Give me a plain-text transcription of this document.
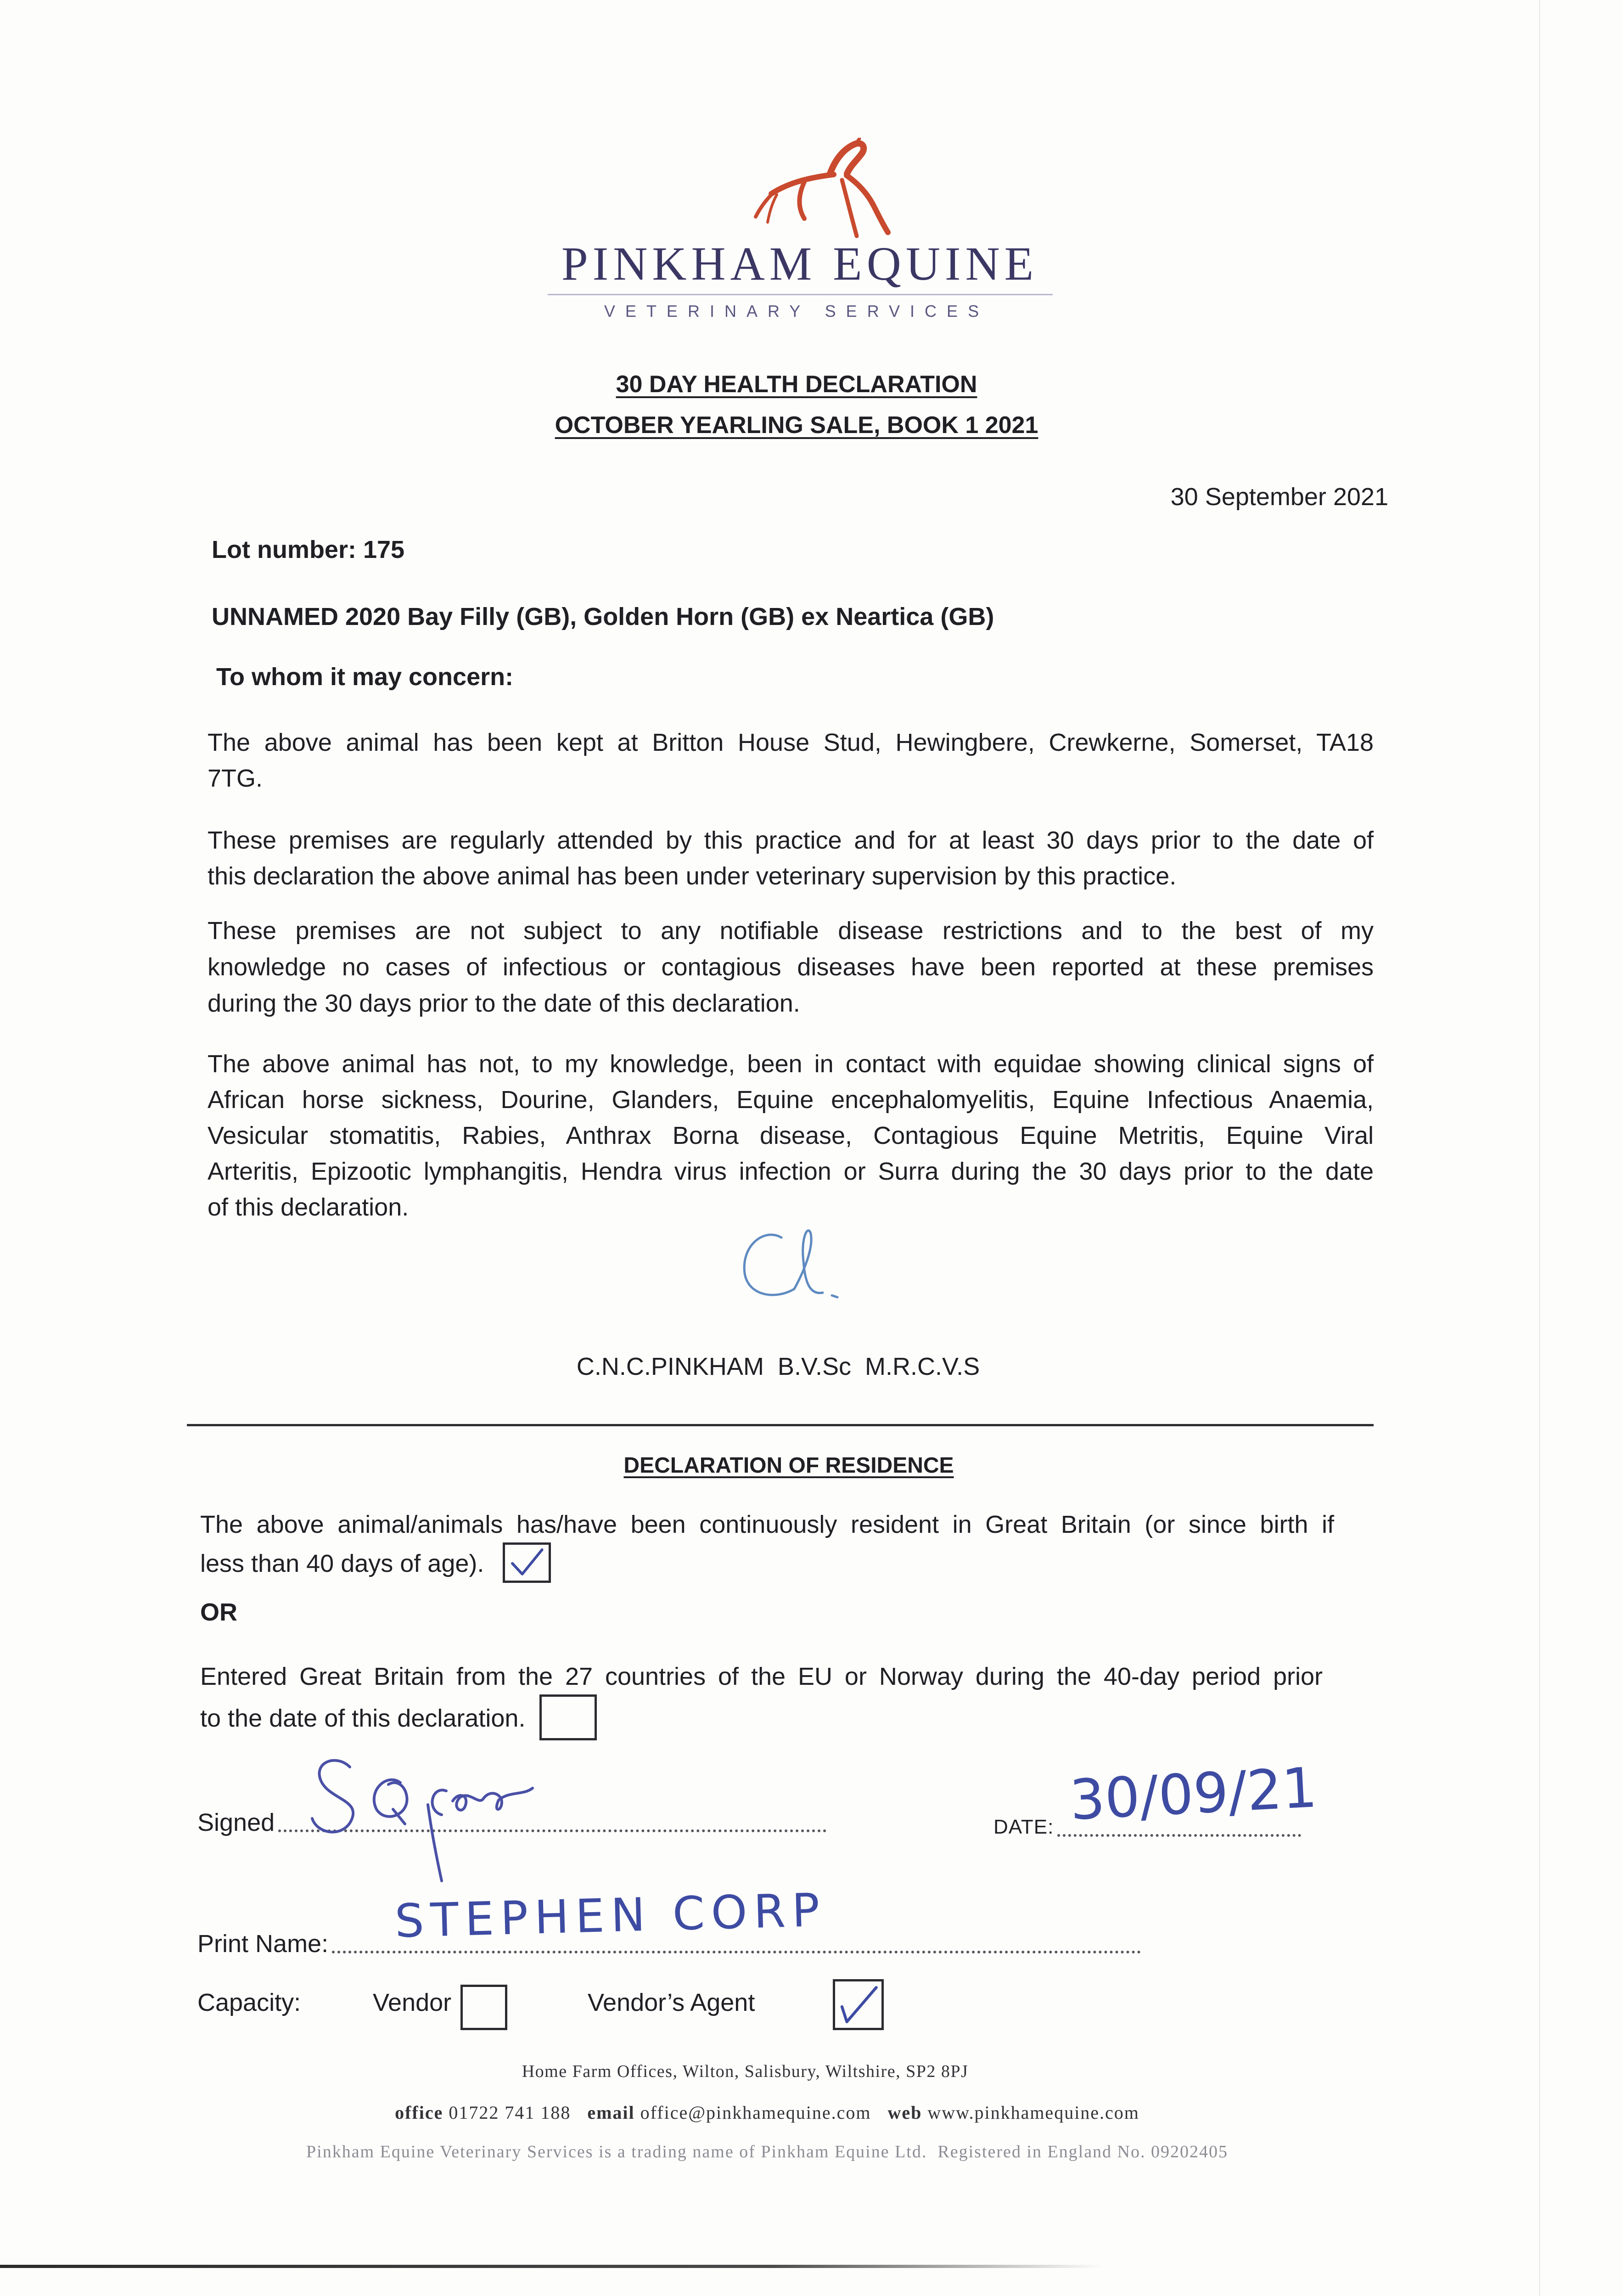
PINKHAM EQUINE
VETERINARY SERVICES
30 DAY HEALTH DECLARATION
OCTOBER YEARLING SALE, BOOK 1 2021
30 September 2021
Lot number: 175
UNNAMED 2020 Bay Filly (GB), Golden Horn (GB) ex Neartica (GB)
To whom it may concern:
The above animal has been kept at Britton House Stud, Hewingbere, Crewkerne, Somerset, TA18
7TG.
These premises are regularly attended by this practice and for at least 30 days prior to the date of
this declaration the above animal has been under veterinary supervision by this practice.
These premises are not subject to any notifiable disease restrictions and to the best of my
knowledge no cases of infectious or contagious diseases have been reported at these premises
during the 30 days prior to the date of this declaration.
The above animal has not, to my knowledge, been in contact with equidae showing clinical signs of
African horse sickness, Dourine, Glanders, Equine encephalomyelitis, Equine Infectious Anaemia,
Vesicular stomatitis, Rabies, Anthrax Borna disease, Contagious Equine Metritis, Equine Viral
Arteritis, Epizootic lymphangitis, Hendra virus infection or Surra during the 30 days prior to the date
of this declaration.
C.N.C.PINKHAM  B.V.Sc  M.R.C.V.S
DECLARATION OF RESIDENCE
The above animal/animals has/have been continuously resident in Great Britain (or since birth if
less than 40 days of age).
OR
Entered Great Britain from the 27 countries of the EU or Norway during the 40-day period prior
to the date of this declaration.
Signed	DATE: 30/09/21
Print Name: STEPHEN CORP
Capacity:	Vendor
	Vendor’s Agent
Home Farm Offices, Wilton, Salisbury, Wiltshire, SP2 8PJ
office 01722 741 188 email office@pinkhamequine.com web www.pinkhamequine.com
Pinkham Equine Veterinary Services is a trading name of Pinkham Equine Ltd.  Registered in England No. 09202405
